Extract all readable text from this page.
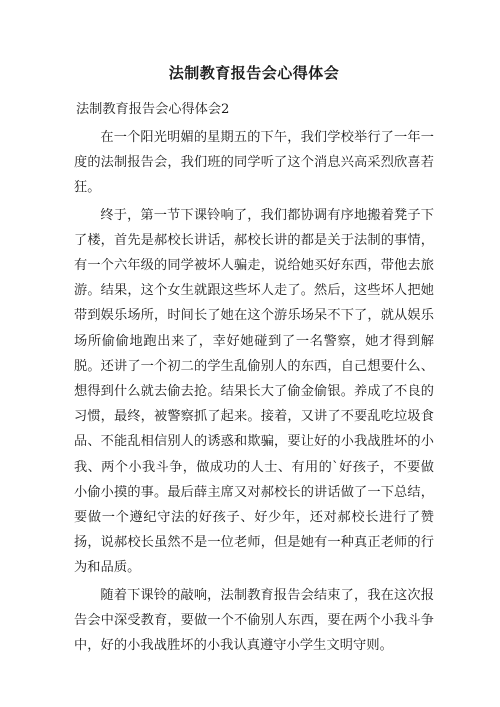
法制教育报告会心得体会

法制教育报告会心得体会2

在一个阳光明媚的星期五的下午，我们学校举行了一年一度的法制报告会，我们班的同学听了这个消息兴高采烈欣喜若狂。

终于，第一节下课铃响了，我们都协调有序地搬着凳子下了楼，首先是郝校长讲话，郝校长讲的都是关于法制的事情，有一个六年级的同学被坏人骗走，说给她买好东西，带他去旅游。结果，这个女生就跟这些坏人走了。然后，这些坏人把她带到娱乐场所，时间长了她在这个游乐场呆不下了，就从娱乐场所偷偷地跑出来了，幸好她碰到了一名警察，她才得到解脱。还讲了一个初二的学生乱偷别人的东西，自己想要什么、想得到什么就去偷去抢。结果长大了偷金偷银。养成了不良的习惯，最终，被警察抓了起来。接着，又讲了不要乱吃垃圾食品、不能乱相信别人的诱惑和欺骗，要让好的小我战胜坏的小我、两个小我斗争，做成功的人士、有用的`好孩子，不要做小偷小摸的事。最后薛主席又对郝校长的讲话做了一下总结，要做一个遵纪守法的好孩子、好少年，还对郝校长进行了赞扬，说郝校长虽然不是一位老师，但是她有一种真正老师的行为和品质。

随着下课铃的敲响，法制教育报告会结束了，我在这次报告会中深受教育，要做一个不偷别人东西，要在两个小我斗争中，好的小我战胜坏的小我认真遵守小学生文明守则。
